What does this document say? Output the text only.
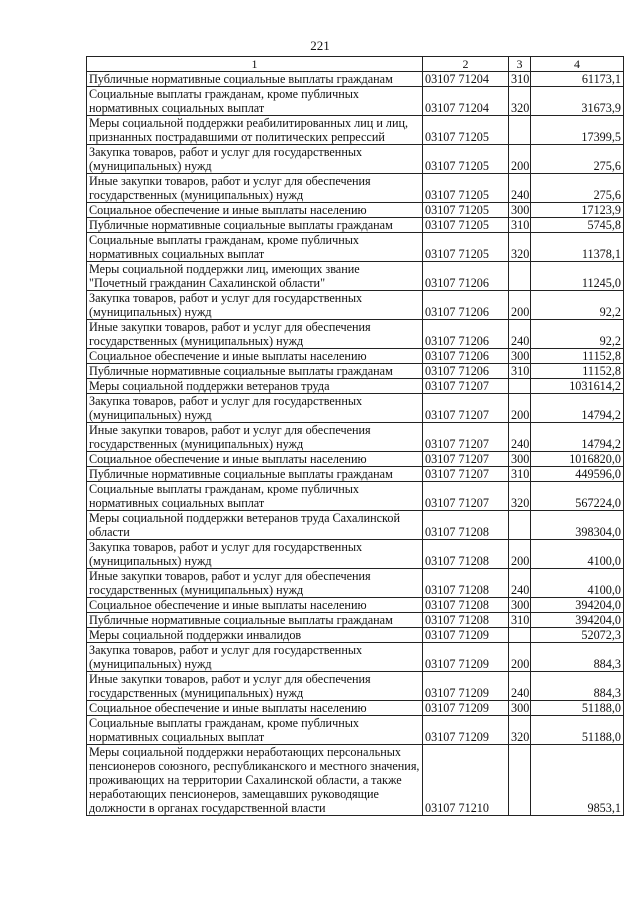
221
1	2	3	4
Публичные нормативные социальные выплаты гражданам	03107 71204	310	61173,1
Социальные выплаты гражданам, кроме публичных нормативных социальных выплат	03107 71204	320	31673,9
Меры социальной поддержки реабилитированных лиц и лиц, признанных пострадавшими от политических репрессий	03107 71205		17399,5
Закупка товаров, работ и услуг для государственных (муниципальных) нужд	03107 71205	200	275,6
Иные закупки товаров, работ и услуг для обеспечения государственных (муниципальных) нужд	03107 71205	240	275,6
Социальное обеспечение и иные выплаты населению	03107 71205	300	17123,9
Публичные нормативные социальные выплаты гражданам	03107 71205	310	5745,8
Социальные выплаты гражданам, кроме публичных нормативных социальных выплат	03107 71205	320	11378,1
Меры социальной поддержки лиц, имеющих звание "Почетный гражданин Сахалинской области"	03107 71206		11245,0
Закупка товаров, работ и услуг для государственных (муниципальных) нужд	03107 71206	200	92,2
Иные закупки товаров, работ и услуг для обеспечения государственных (муниципальных) нужд	03107 71206	240	92,2
Социальное обеспечение и иные выплаты населению	03107 71206	300	11152,8
Публичные нормативные социальные выплаты гражданам	03107 71206	310	11152,8
Меры социальной поддержки ветеранов труда	03107 71207		1031614,2
Закупка товаров, работ и услуг для государственных (муниципальных) нужд	03107 71207	200	14794,2
Иные закупки товаров, работ и услуг для обеспечения государственных (муниципальных) нужд	03107 71207	240	14794,2
Социальное обеспечение и иные выплаты населению	03107 71207	300	1016820,0
Публичные нормативные социальные выплаты гражданам	03107 71207	310	449596,0
Социальные выплаты гражданам, кроме публичных нормативных социальных выплат	03107 71207	320	567224,0
Меры социальной поддержки ветеранов труда Сахалинской области	03107 71208		398304,0
Закупка товаров, работ и услуг для государственных (муниципальных) нужд	03107 71208	200	4100,0
Иные закупки товаров, работ и услуг для обеспечения государственных (муниципальных) нужд	03107 71208	240	4100,0
Социальное обеспечение и иные выплаты населению	03107 71208	300	394204,0
Публичные нормативные социальные выплаты гражданам	03107 71208	310	394204,0
Меры социальной поддержки инвалидов	03107 71209		52072,3
Закупка товаров, работ и услуг для государственных (муниципальных) нужд	03107 71209	200	884,3
Иные закупки товаров, работ и услуг для обеспечения государственных (муниципальных) нужд	03107 71209	240	884,3
Социальное обеспечение и иные выплаты населению	03107 71209	300	51188,0
Социальные выплаты гражданам, кроме публичных нормативных социальных выплат	03107 71209	320	51188,0
Меры социальной поддержки неработающих персональных пенсионеров союзного, республиканского и местного значения, проживающих на территории Сахалинской области, а также неработающих пенсионеров, замещавших руководящие должности в органах государственной власти	03107 71210		9853,1
